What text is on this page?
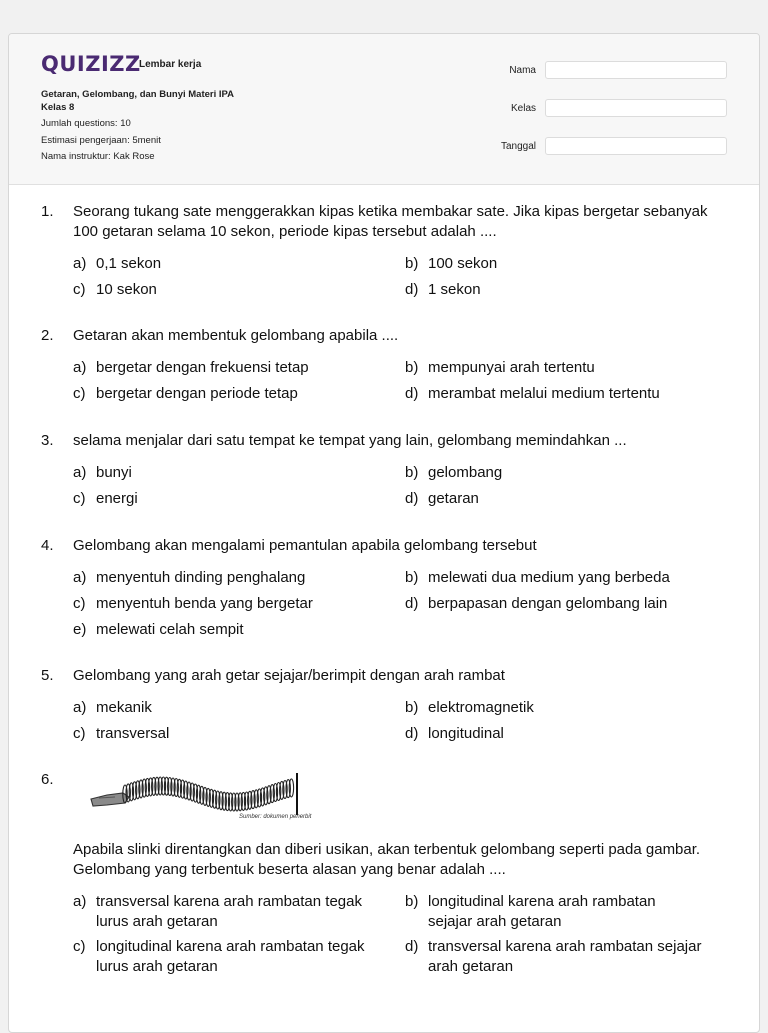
QUIZIZZ
Lembar kerja
Getaran, Gelombang, dan Bunyi Materi IPA
Kelas 8
Jumlah questions: 10
Estimasi pengerjaan: 5menit
Nama instruktur: Kak Rose
Nama
Kelas
Tanggal
1. Seorang tukang sate menggerakkan kipas ketika membakar sate. Jika kipas bergetar sebanyak 100 getaran selama 10 sekon, periode kipas tersebut adalah ....
a) 0,1 sekon	b) 100 sekon
c) 10 sekon	d) 1 sekon
2. Getaran akan membentuk gelombang apabila ....
a) bergetar dengan frekuensi tetap	b) mempunyai arah tertentu
c) bergetar dengan periode tetap	d) merambat melalui medium tertentu
3. selama menjalar dari satu tempat ke tempat yang lain, gelombang memindahkan ...
a) bunyi	b) gelombang
c) energi	d) getaran
4. Gelombang akan mengalami pemantulan apabila gelombang tersebut
a) menyentuh dinding penghalang	b) melewati dua medium yang berbeda
c) menyentuh benda yang bergetar	d) berpapasan dengan gelombang lain
e) melewati celah sempit
5. Gelombang yang arah getar sejajar/berimpit dengan arah rambat
a) mekanik	b) elektromagnetik
c) transversal	d) longitudinal
6.
Sumber: dokumen penerbit
Apabila slinki direntangkan dan diberi usikan, akan terbentuk gelombang seperti pada gambar. Gelombang yang terbentuk beserta alasan yang benar adalah ....
a) transversal karena arah rambatan tegak lurus arah getaran
b) longitudinal karena arah rambatan sejajar arah getaran
c) longitudinal karena arah rambatan tegak lurus arah getaran
d) transversal karena arah rambatan sejajar arah getaran
